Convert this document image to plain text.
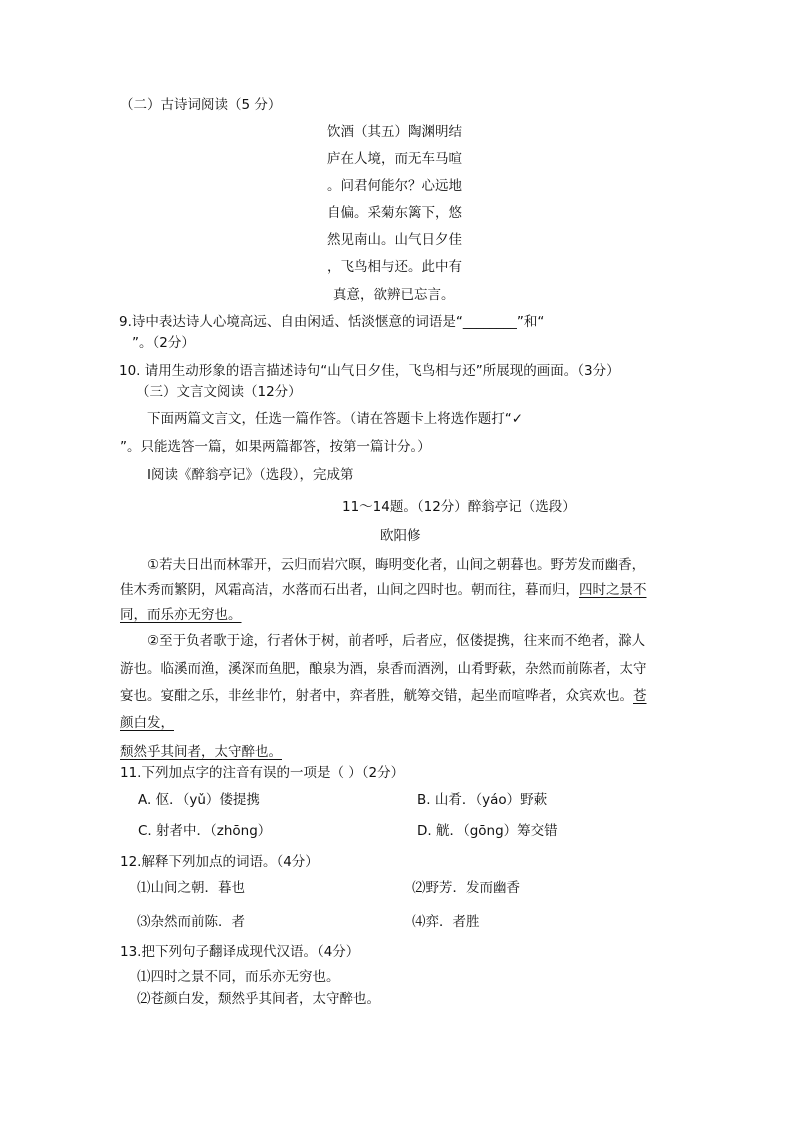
（二）古诗词阅读（5 分）
饮酒（其五）陶渊明结
庐在人境，而无车马喧
。问君何能尔？心远地
自偏。采菊东篱下，悠
然见南山。山气日夕佳
，飞鸟相与还。此中有
真意，欲辨已忘言。
9.诗中表达诗人心境高远、自由闲适、恬淡惬意的词语是“________”和“
”。（2分）
10. 请用生动形象的语言描述诗句“山气日夕佳，飞鸟相与还”所展现的画面。（3分）
（三）文言文阅读（12分）
下面两篇文言文，任选一篇作答。（请在答题卡上将选作题打“✓
”。只能选答一篇，如果两篇都答，按第一篇计分。）
Ⅰ阅读《醉翁亭记》（选段），完成第
11～14题。（12分）醉翁亭记（选段）
欧阳修
①若夫日出而林霏开，云归而岩穴暝，晦明变化者，山间之朝暮也。野芳发而幽香，
佳木秀而繁阴，风霜高洁，水落而石出者，山间之四时也。朝而往，暮而归，四时之景不
同，而乐亦无穷也。
②至于负者歌于途，行者休于树，前者呼，后者应，伛偻提携，往来而不绝者，滁人
游也。临溪而渔，溪深而鱼肥，酿泉为酒，泉香而酒洌，山肴野蔌，杂然而前陈者，太守
宴也。宴酣之乐，非丝非竹，射者中，弈者胜，觥筹交错，起坐而喧哗者，众宾欢也。苍
颜白发，
颓然乎其间者，太守醉也。
11.下列加点字的注音有误的一项是（ ）（2分）
A. 伛．（yǔ）偻提携	B. 山肴．（yáo）野蔌
C. 射者中．（zhōng）	D. 觥．（gōng）筹交错
12.解释下列加点的词语。（4分）
⑴山间之朝．暮也	⑵野芳．发而幽香
⑶杂然而前陈．者	⑷弈．者胜
13.把下列句子翻译成现代汉语。（4分）
⑴四时之景不同，而乐亦无穷也。
⑵苍颜白发，颓然乎其间者，太守醉也。
